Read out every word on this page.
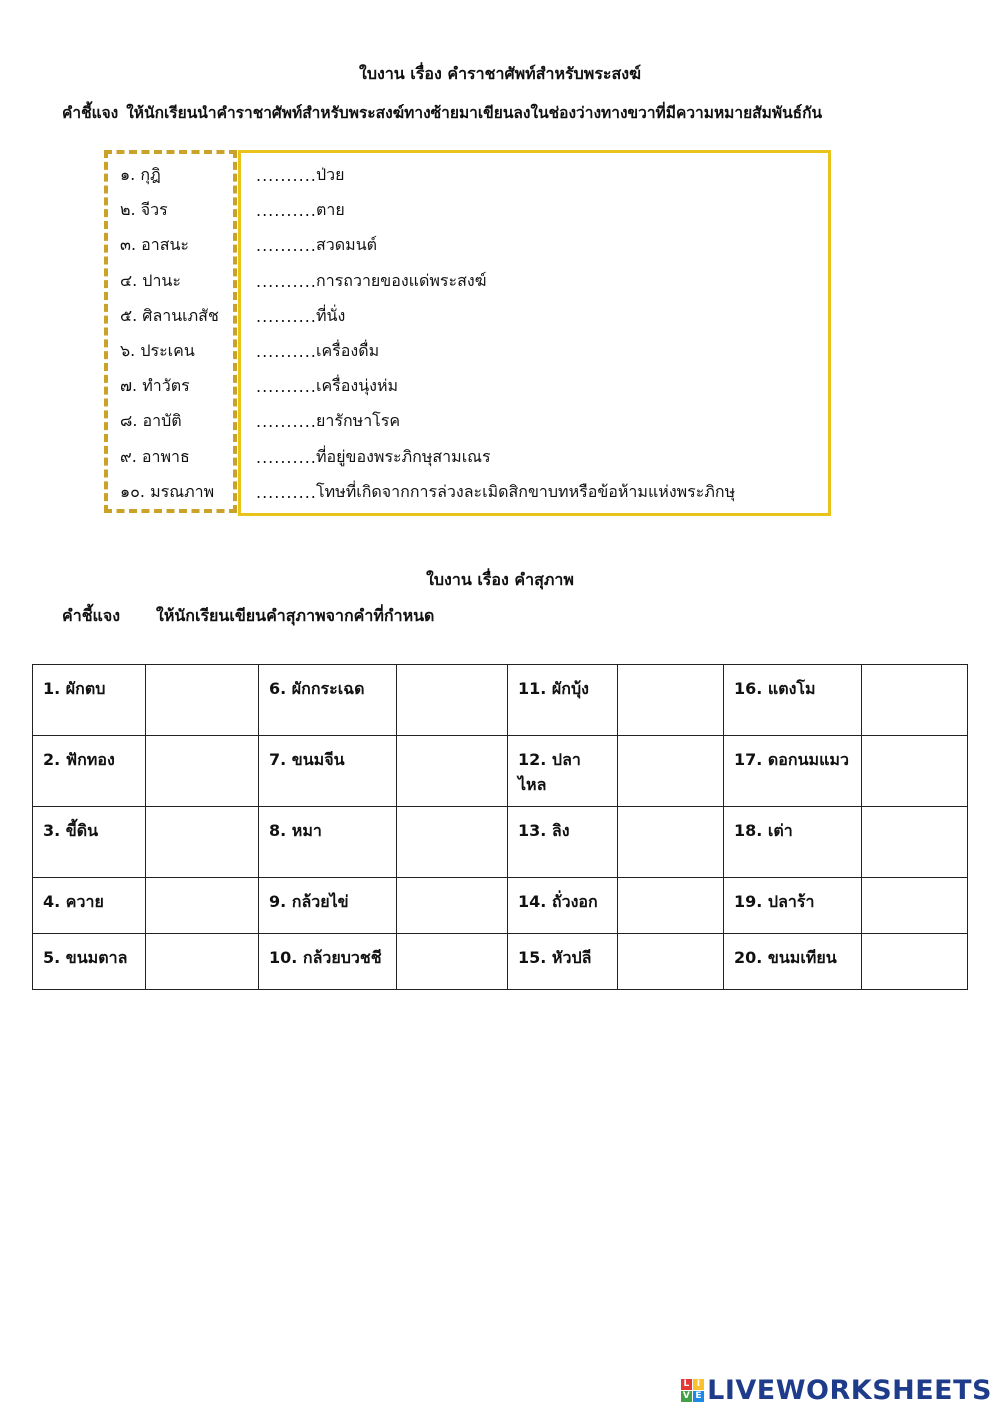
ใบงาน เรื่อง คำราชาศัพท์สำหรับพระสงฆ์
คำชี้แจง ให้นักเรียนนำคำราชาศัพท์สำหรับพระสงฆ์ทางซ้ายมาเขียนลงในช่องว่างทางขวาที่มีความหมายสัมพันธ์กัน
๑. กุฎิ	.......... ป่วย
๒. จีวร	.......... ตาย
๓. อาสนะ	.......... สวดมนต์
๔. ปานะ	.......... การถวายของแด่พระสงฆ์
๕. ศิลานเภสัช .......... ที่นั่ง
๖. ประเคน	.......... เครื่องดื่ม
๗. ทำวัตร	.......... เครื่องนุ่งห่ม
๘. อาบัติ	.......... ยารักษาโรค
๙. อาพาธ	.......... ที่อยู่ของพระภิกษุสามเณร
๑๐. มรณภาพ	.......... โทษที่เกิดจากการล่วงละเมิดสิกขาบทหรือข้อห้ามแห่งพระภิกษุ
ใบงาน เรื่อง คำสุภาพ
คำชี้แจง ให้นักเรียนเขียนคำสุภาพจากคำที่กำหนด
1. ผักตบ		6. ผักกระเฉด		11. ผักบุ้ง		16. แตงโม	
2. ฟักทอง		7. ขนมจีน		12. ปลาไหล		17. ดอกนมแมว	
3. ขี้ดิน		8. หมา		13. ลิง		18. เต่า	
4. ควาย		9. กล้วยไข่		14. ถั่วงอก		19. ปลาร้า	
5. ขนมตาล		10. กล้วยบวชชี		15. หัวปลี		20. ขนมเทียน	
L I
V E LIVEWORKSHEETS
